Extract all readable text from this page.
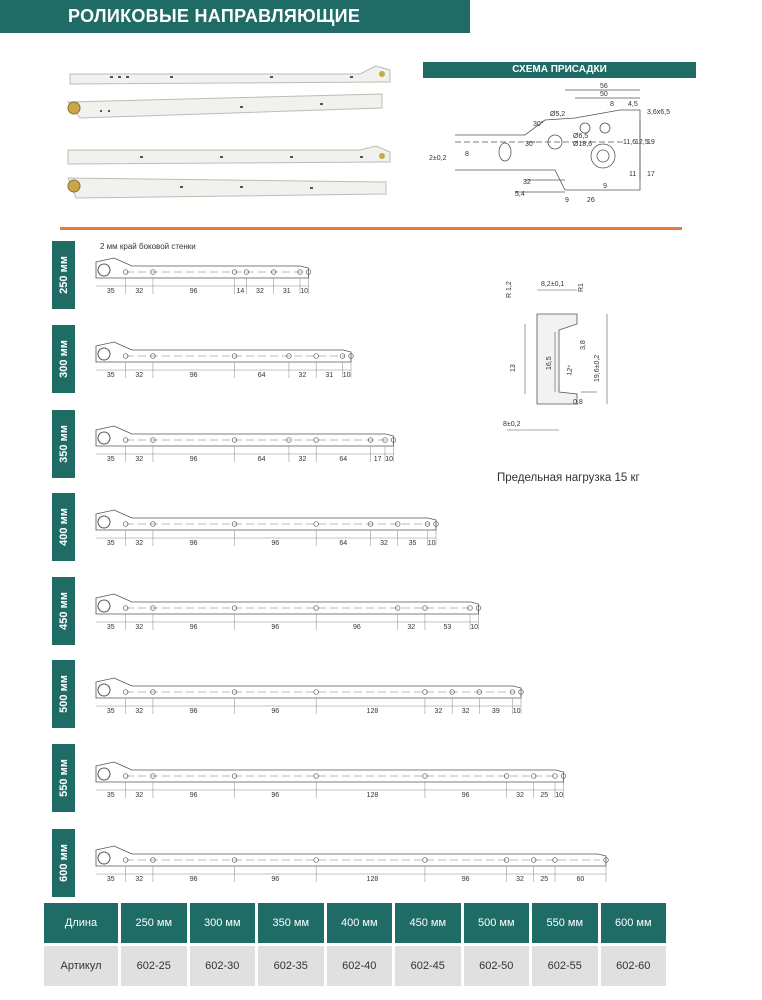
РОЛИКОВЫЕ НАПРАВЛЯЮЩИЕ
СХЕМА ПРИСАДКИ
56
50
8 4,5
3,6x6,5
Ø5,2
30°
30°
Ø6,5
Ø18,6	11,6
12,5
19
11 17
2±0,2
8
32
5,4
9
26
9
2 мм край боковой стенки
250 мм
300 мм
350 мм
400 мм
450 мм
500 мм
550 мм
600 мм
35	32	96	14 32	31 10
35	32	96	64	32	31 10
35	32	96	64	32	64	17 10
35	32	96	96	64	32	35 10
35	32	96	96	96	32	53	10
35	32	96	96	128	32	32	39 10
35	32	96	96	128	96	32 25 10
35	32	96	96	128	96	32 25	60
R 1,2	8,2±0,1 R1
13	16,5
3,8
12°	19,6±0,2
0,8
8±0,2
Предельная нагрузка 15 кг
Длина		250 мм		300 мм		350 мм		400 мм		450 мм		500 мм		550 мм		600 мм

Артикул		602-25		602-30		602-35		602-40		602-45		602-50		602-55		602-60
